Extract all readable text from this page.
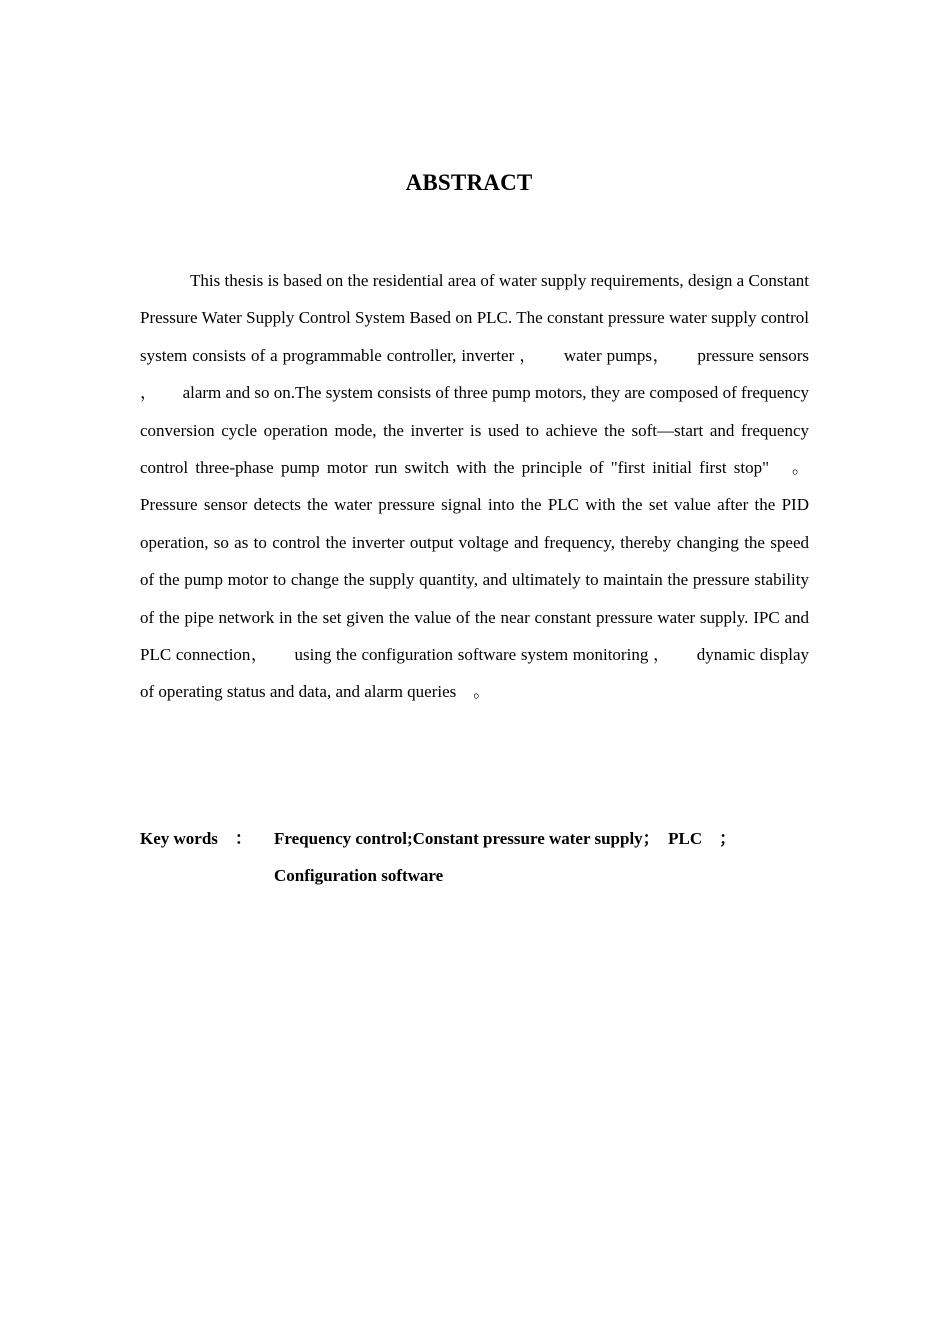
ABSTRACT

This thesis is based on the residential area of water supply requirements, design a Constant Pressure Water Supply Control System Based on PLC. The constant pressure water supply control system consists of a programmable controller, inverter ，　　water pumps，　　pressure sensors ，　　alarm and so on.The system consists of three pump motors, they are composed of frequency conversion cycle operation mode, the inverter is used to achieve the soft—start and frequency control three-phase pump motor run switch with the principle of "first initial first stop"　。 Pressure sensor detects the water pressure signal into the PLC with the set value after the PID operation, so as to control the inverter output voltage and frequency, thereby changing the speed of the pump motor to change the supply quantity, and ultimately to maintain the pressure stability of the pipe network in the set given the value of the near constant pressure water supply. IPC and PLC connection，　　using the configuration software system monitoring ，　　dynamic display of operating status and data, and alarm queries　。

Key words　： Frequency control;Constant pressure water supply；　PLC　；
Configuration software
